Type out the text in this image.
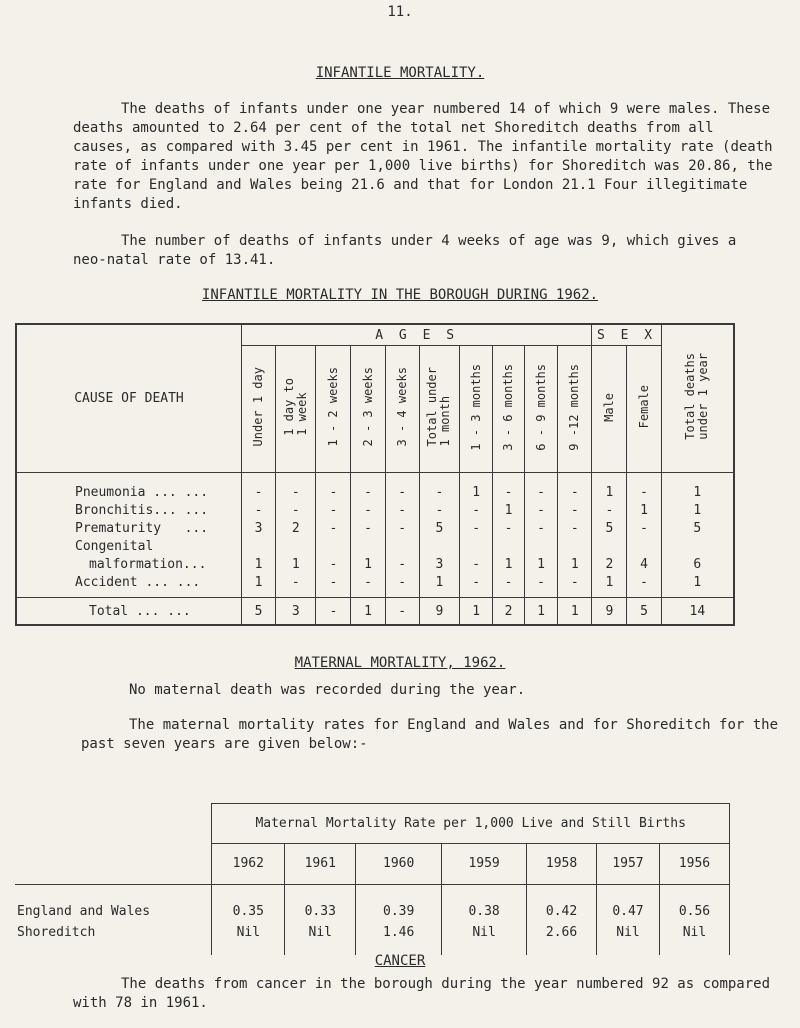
11.
INFANTILE MORTALITY.

The deaths of infants under one year numbered 14 of which 9 were males. These deaths amounted to 2.64 per cent of the total net Shoreditch deaths from all causes, as compared with 3.45 per cent in 1961. The infantile mortality rate (death rate of infants under one year per 1,000 live births) for Shoreditch was 20.86, the rate for England and Wales being 21.6 and that for London 21.1 Four illegitimate infants died.

The number of deaths of infants under 4 weeks of age was 9, which gives a neo-natal rate of 13.41.

INFANTILE MORTALITY IN THE BOROUGH DURING 1962.
CAUSE OF DEATH	A G E S										S E X		Total deaths
under 1 year
	Under 1 day	1 day to
1 week	1 - 2 weeks	2 - 3 weeks	3 - 4 weeks	Total under
1 month	1 - 3 months	3 - 6 months	6 - 9 months	9 -12 months	Male	Female	
Pneumonia ... ...	-	-	-	-	-	-	1	-	-	-	1	-	1
Bronchitis... ...	-	-	-	-	-	-	-	1	-	-	-	1	1
Prematurity   ...	3	2	-	-	-	5	-	-	-	-	5	-	5
Congenital													
malformation...	1	1	-	1	-	3	-	1	1	1	2	4	6
Accident ... ...	1	-	-	-	-	1	-	-	-	-	1	-	1
Total ... ...	5	3	-	1	-	9	1	2	1	1	9	5	14
MATERNAL MORTALITY, 1962.

No maternal death was recorded during the year.

The maternal mortality rates for England and Wales and for Shoreditch for the past seven years are given below:-

	Maternal Mortality Rate per 1,000 Live and Still Births						
	1962	1961	1960	1959	1958	1957	1956
England and Wales	0.35	0.33	0.39	0.38	0.42	0.47	0.56
Shoreditch	Nil	Nil	1.46	Nil	2.66	Nil	Nil
CANCER

The deaths from cancer in the borough during the year numbered 92 as compared with 78 in 1961.
